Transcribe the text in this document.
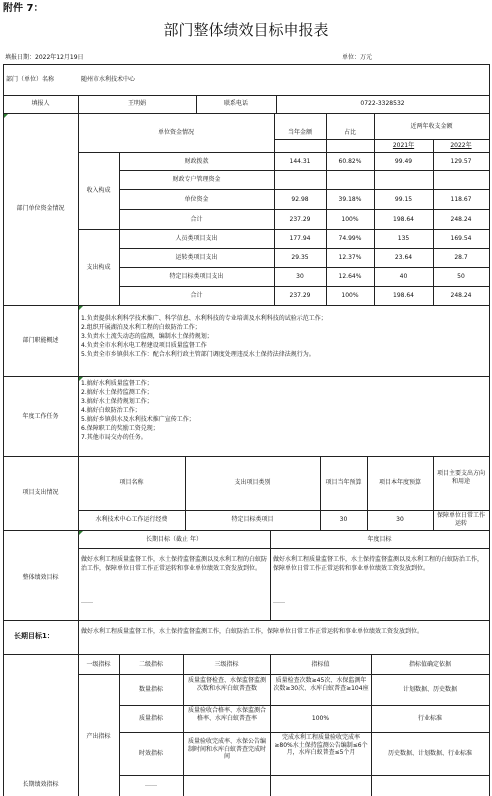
附件 7：
部门整体绩效目标申报表
填报日期：2022年12月19日	单位：万元
部门（单位）名称	随州市水利技术中心
填报人	王明娟	联系电话	0722-3328532
部门单位资金情况
单位资金情况	当年金额	占比
近两年收支金额
2021年	2022年
收入构成
支出构成
财政拨款	144.31	60.82%	99.49	129.57
财政专户管理资金
单位资金	92.98	39.18%	99.15	118.67
合计	237.29	100%	198.64	248.24
人员类项目支出	177.94	74.99%	135	169.54
运转类项目支出	29.35	12.37%	23.64	28.7
特定目标类项目支出	30	12.64%	40	50
合计	237.29	100%	198.64	248.24
部门职能概述
1.负责提供水利科学技术推广、科学信息、水利科技的专业培训及水利科技的试验示范工作；
2.组织开展湖泊及水利工程的白蚁防治工作；
3.负责水土流失动态的监测，编制水土保持规划；
4.负责全市水利水电工程建设项目质量监督工作
5.负责全市乡镇供水工作：配合水利行政主管部门调度处理违反水土保持法律法规行为。
年度工作任务
1.搞好水利质量监督工作；
2.搞好水土保持监测工作；
3.搞好水土保持规划工作；
4.搞好白蚁防治工作；
5.搞好乡镇供水及水利技术推广宣传工作；
6.保障职工的奖励工资兑现；
7.其他市局交办的任务。
项目支出情况
项目名称	支出项目类别	项目当年预算	项目本年度预算
项目主要支出方向和用途
水利技术中心工作运行经费	特定目标类项目	30	30
保障单位日常工作运转
整体绩效目标
长期目标（截止 年）	年度目标
做好水利工程质量监督工作，水土保持监督监测以及水利工程的白蚁防治工作，保障单位日常工作正常运转和事业单位绩效工资发放到位。
……
做好水利工程质量监督工作，水土保持监督监测以及水利工程的白蚁防治工作，保障单位日常工作正常运转和事业单位绩效工资发放到位。
……
长期目标1：
做好水利工程质量监督工作，水土保持监督监测工作，白蚁防治工作，保障单位日常工作正常运转和事业单位绩效工资发放到位。
长期绩效指标
一级指标	二级指标	三级指标	指标值	指标值确定依据
产出指标
数量指标
质量监督检查、水保监督监测次数和水库白蚁普查数
质量检查次数≥45次、水保监测年次数≥30次、水库白蚁普查≥104座	计划数据、历史数据
质量指标
质量验收合格率、水保监测合格率、水库白蚁普查率	100%	行业标准
时效指标
质量验收完成率、水保公告编制时间和水库白蚁普查完成时间
完成水利工程质量验收完成率≥80%水土保持监测公告编制≤6个月，水库白蚁普查≤5个月	历史数据、计划数据、行业标准
……
